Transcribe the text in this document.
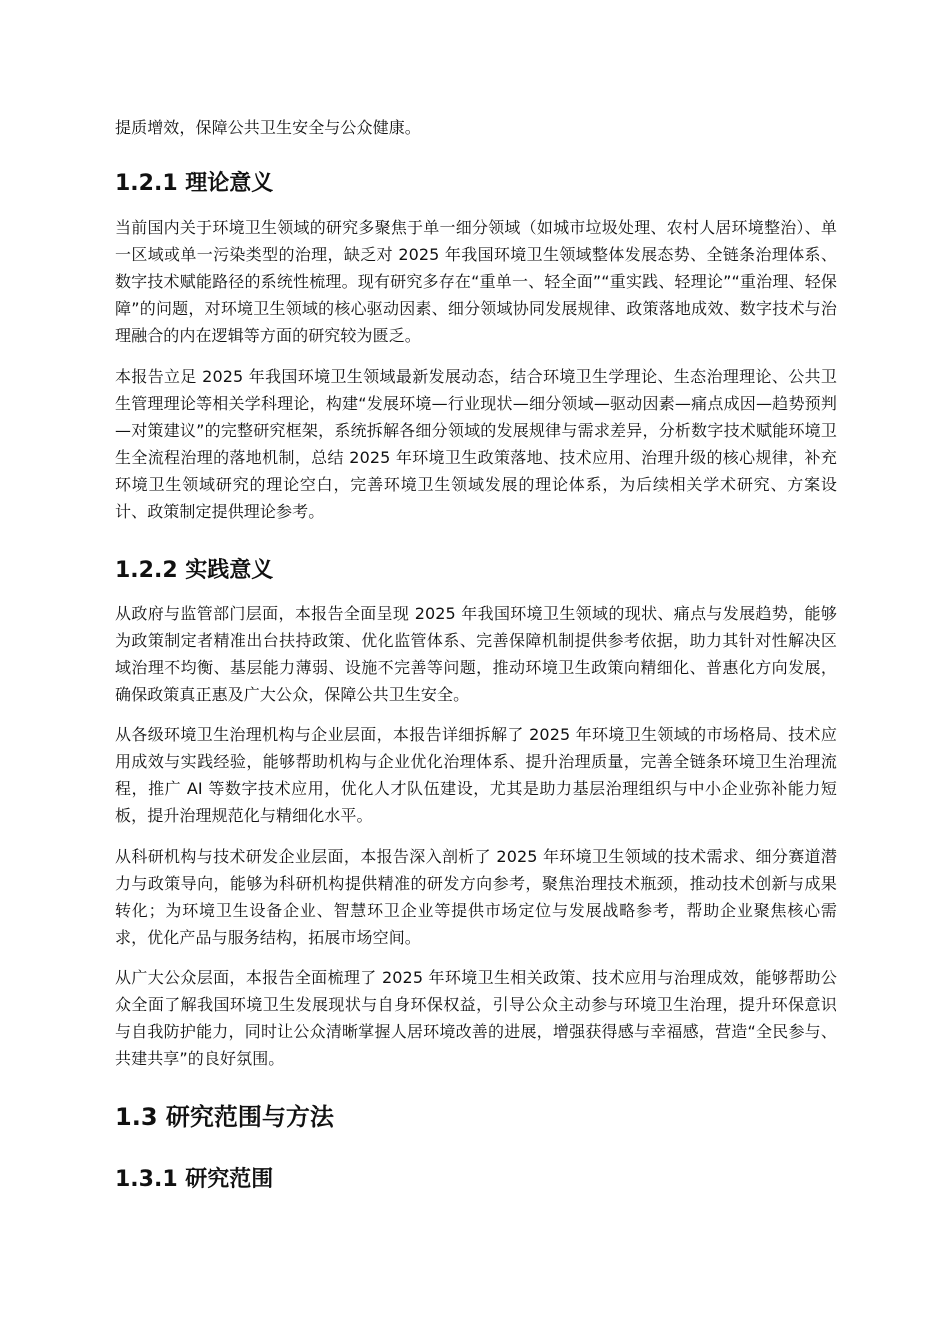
提质增效，保障公共卫生安全与公众健康。

1.2.1 理论意义

当前国内关于环境卫生领域的研究多聚焦于单一细分领域（如城市垃圾处理、农村人居环境整治）、单一区域或单一污染类型的治理，缺乏对 2025 年我国环境卫生领域整体发展态势、全链条治理体系、数字技术赋能路径的系统性梳理。现有研究多存在“重单一、轻全面”“重实践、轻理论”“重治理、轻保障”的问题，对环境卫生领域的核心驱动因素、细分领域协同发展规律、政策落地成效、数字技术与治理融合的内在逻辑等方面的研究较为匮乏。

本报告立足 2025 年我国环境卫生领域最新发展动态，结合环境卫生学理论、生态治理理论、公共卫生管理理论等相关学科理论，构建“发展环境—行业现状—细分领域—驱动因素—痛点成因—趋势预判—对策建议”的完整研究框架，系统拆解各细分领域的发展规律与需求差异，分析数字技术赋能环境卫生全流程治理的落地机制，总结 2025 年环境卫生政策落地、技术应用、治理升级的核心规律，补充环境卫生领域研究的理论空白，完善环境卫生领域发展的理论体系，为后续相关学术研究、方案设计、政策制定提供理论参考。

1.2.2 实践意义

从政府与监管部门层面，本报告全面呈现 2025 年我国环境卫生领域的现状、痛点与发展趋势，能够为政策制定者精准出台扶持政策、优化监管体系、完善保障机制提供参考依据，助力其针对性解决区域治理不均衡、基层能力薄弱、设施不完善等问题，推动环境卫生政策向精细化、普惠化方向发展，确保政策真正惠及广大公众，保障公共卫生安全。

从各级环境卫生治理机构与企业层面，本报告详细拆解了 2025 年环境卫生领域的市场格局、技术应用成效与实践经验，能够帮助机构与企业优化治理体系、提升治理质量，完善全链条环境卫生治理流程，推广 AI 等数字技术应用，优化人才队伍建设，尤其是助力基层治理组织与中小企业弥补能力短板，提升治理规范化与精细化水平。

从科研机构与技术研发企业层面，本报告深入剖析了 2025 年环境卫生领域的技术需求、细分赛道潜力与政策导向，能够为科研机构提供精准的研发方向参考，聚焦治理技术瓶颈，推动技术创新与成果转化；为环境卫生设备企业、智慧环卫企业等提供市场定位与发展战略参考，帮助企业聚焦核心需求，优化产品与服务结构，拓展市场空间。

从广大公众层面，本报告全面梳理了 2025 年环境卫生相关政策、技术应用与治理成效，能够帮助公众全面了解我国环境卫生发展现状与自身环保权益，引导公众主动参与环境卫生治理，提升环保意识与自我防护能力，同时让公众清晰掌握人居环境改善的进展，增强获得感与幸福感，营造“全民参与、共建共享”的良好氛围。

1.3 研究范围与方法
1.3.1 研究范围
